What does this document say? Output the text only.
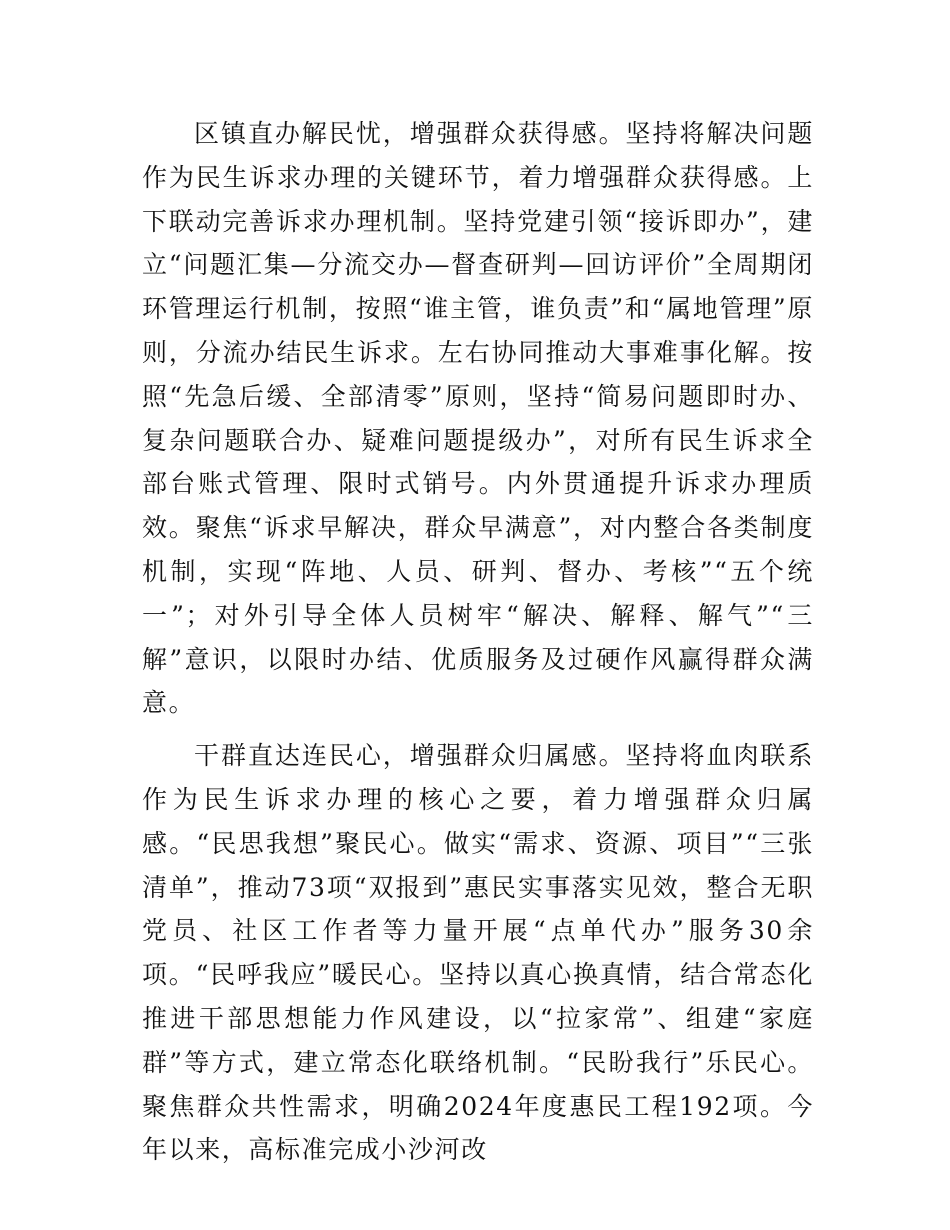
区镇直办解民忧，增强群众获得感。坚持将解决问题作为民生诉求办理的关键环节，着力增强群众获得感。上下联动完善诉求办理机制。坚持党建引领“接诉即办”，建立“问题汇集—分流交办—督查研判—回访评价”全周期闭环管理运行机制，按照“谁主管，谁负责”和“属地管理”原则，分流办结民生诉求。左右协同推动大事难事化解。按照“先急后缓、全部清零”原则，坚持“简易问题即时办、复杂问题联合办、疑难问题提级办”，对所有民生诉求全部台账式管理、限时式销号。内外贯通提升诉求办理质效。聚焦“诉求早解决，群众早满意”，对内整合各类制度机制，实现“阵地、人员、研判、督办、考核”“五个统一”；对外引导全体人员树牢“解决、解释、解气”“三解”意识，以限时办结、优质服务及过硬作风赢得群众满意。

干群直达连民心，增强群众归属感。坚持将血肉联系作为民生诉求办理的核心之要，着力增强群众归属感。“民思我想”聚民心。做实“需求、资源、项目”“三张清单”，推动73项“双报到”惠民实事落实见效，整合无职党员、社区工作者等力量开展“点单代办”服务30余项。“民呼我应”暖民心。坚持以真心换真情，结合常态化推进干部思想能力作风建设，以“拉家常”、组建“家庭群”等方式，建立常态化联络机制。“民盼我行”乐民心。聚焦群众共性需求，明确2024年度惠民工程192项。今年以来，高标准完成小沙河改
